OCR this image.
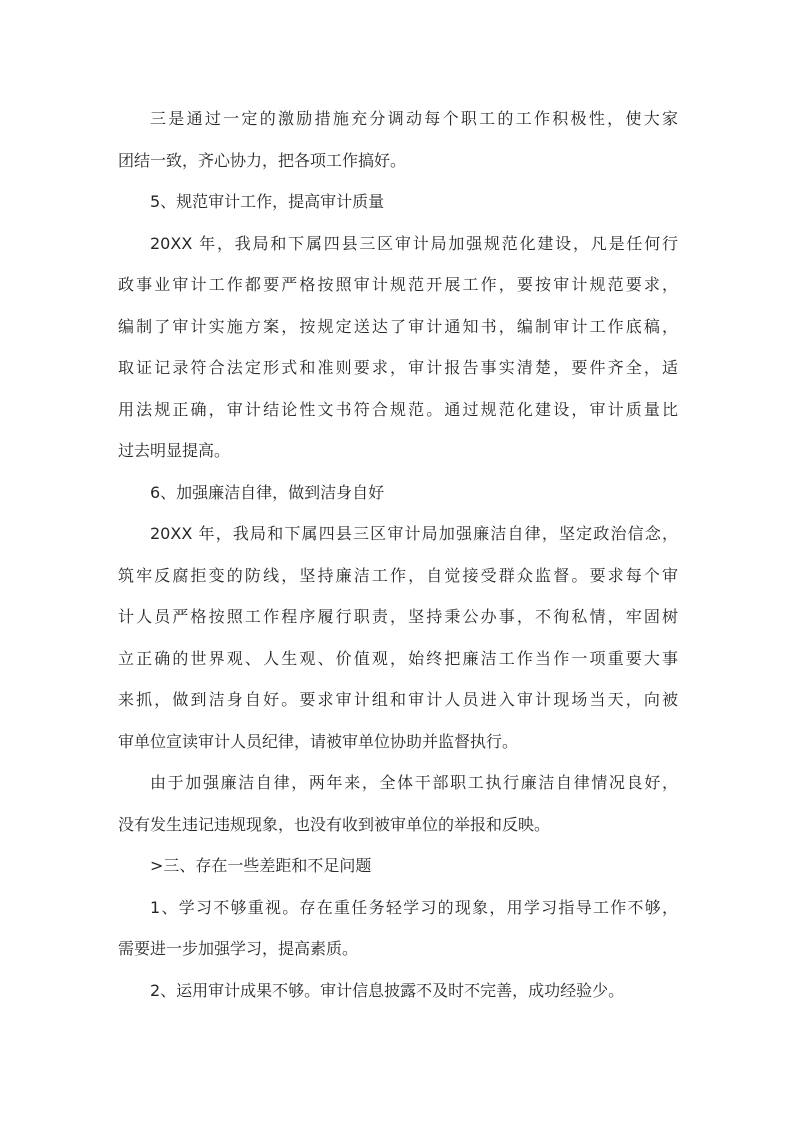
三是通过一定的激励措施充分调动每个职工的工作积极性，使大家
团结一致，齐心协力，把各项工作搞好。
5、规范审计工作，提高审计质量
20XX 年，我局和下属四县三区审计局加强规范化建设，凡是任何行
政事业审计工作都要严格按照审计规范开展工作，要按审计规范要求，
编制了审计实施方案，按规定送达了审计通知书，编制审计工作底稿，
取证记录符合法定形式和准则要求，审计报告事实清楚，要件齐全，适
用法规正确，审计结论性文书符合规范。通过规范化建设，审计质量比
过去明显提高。
6、加强廉洁自律，做到洁身自好
20XX 年，我局和下属四县三区审计局加强廉洁自律，坚定政治信念，
筑牢反腐拒变的防线，坚持廉洁工作，自觉接受群众监督。要求每个审
计人员严格按照工作程序履行职责，坚持秉公办事，不徇私情，牢固树
立正确的世界观、人生观、价值观，始终把廉洁工作当作一项重要大事
来抓，做到洁身自好。要求审计组和审计人员进入审计现场当天，向被
审单位宣读审计人员纪律，请被审单位协助并监督执行。
由于加强廉洁自律，两年来，全体干部职工执行廉洁自律情况良好，
没有发生违记违规现象，也没有收到被审单位的举报和反映。
>三、存在一些差距和不足问题
1、学习不够重视。存在重任务轻学习的现象，用学习指导工作不够，
需要进一步加强学习，提高素质。
2、运用审计成果不够。审计信息披露不及时不完善，成功经验少。
